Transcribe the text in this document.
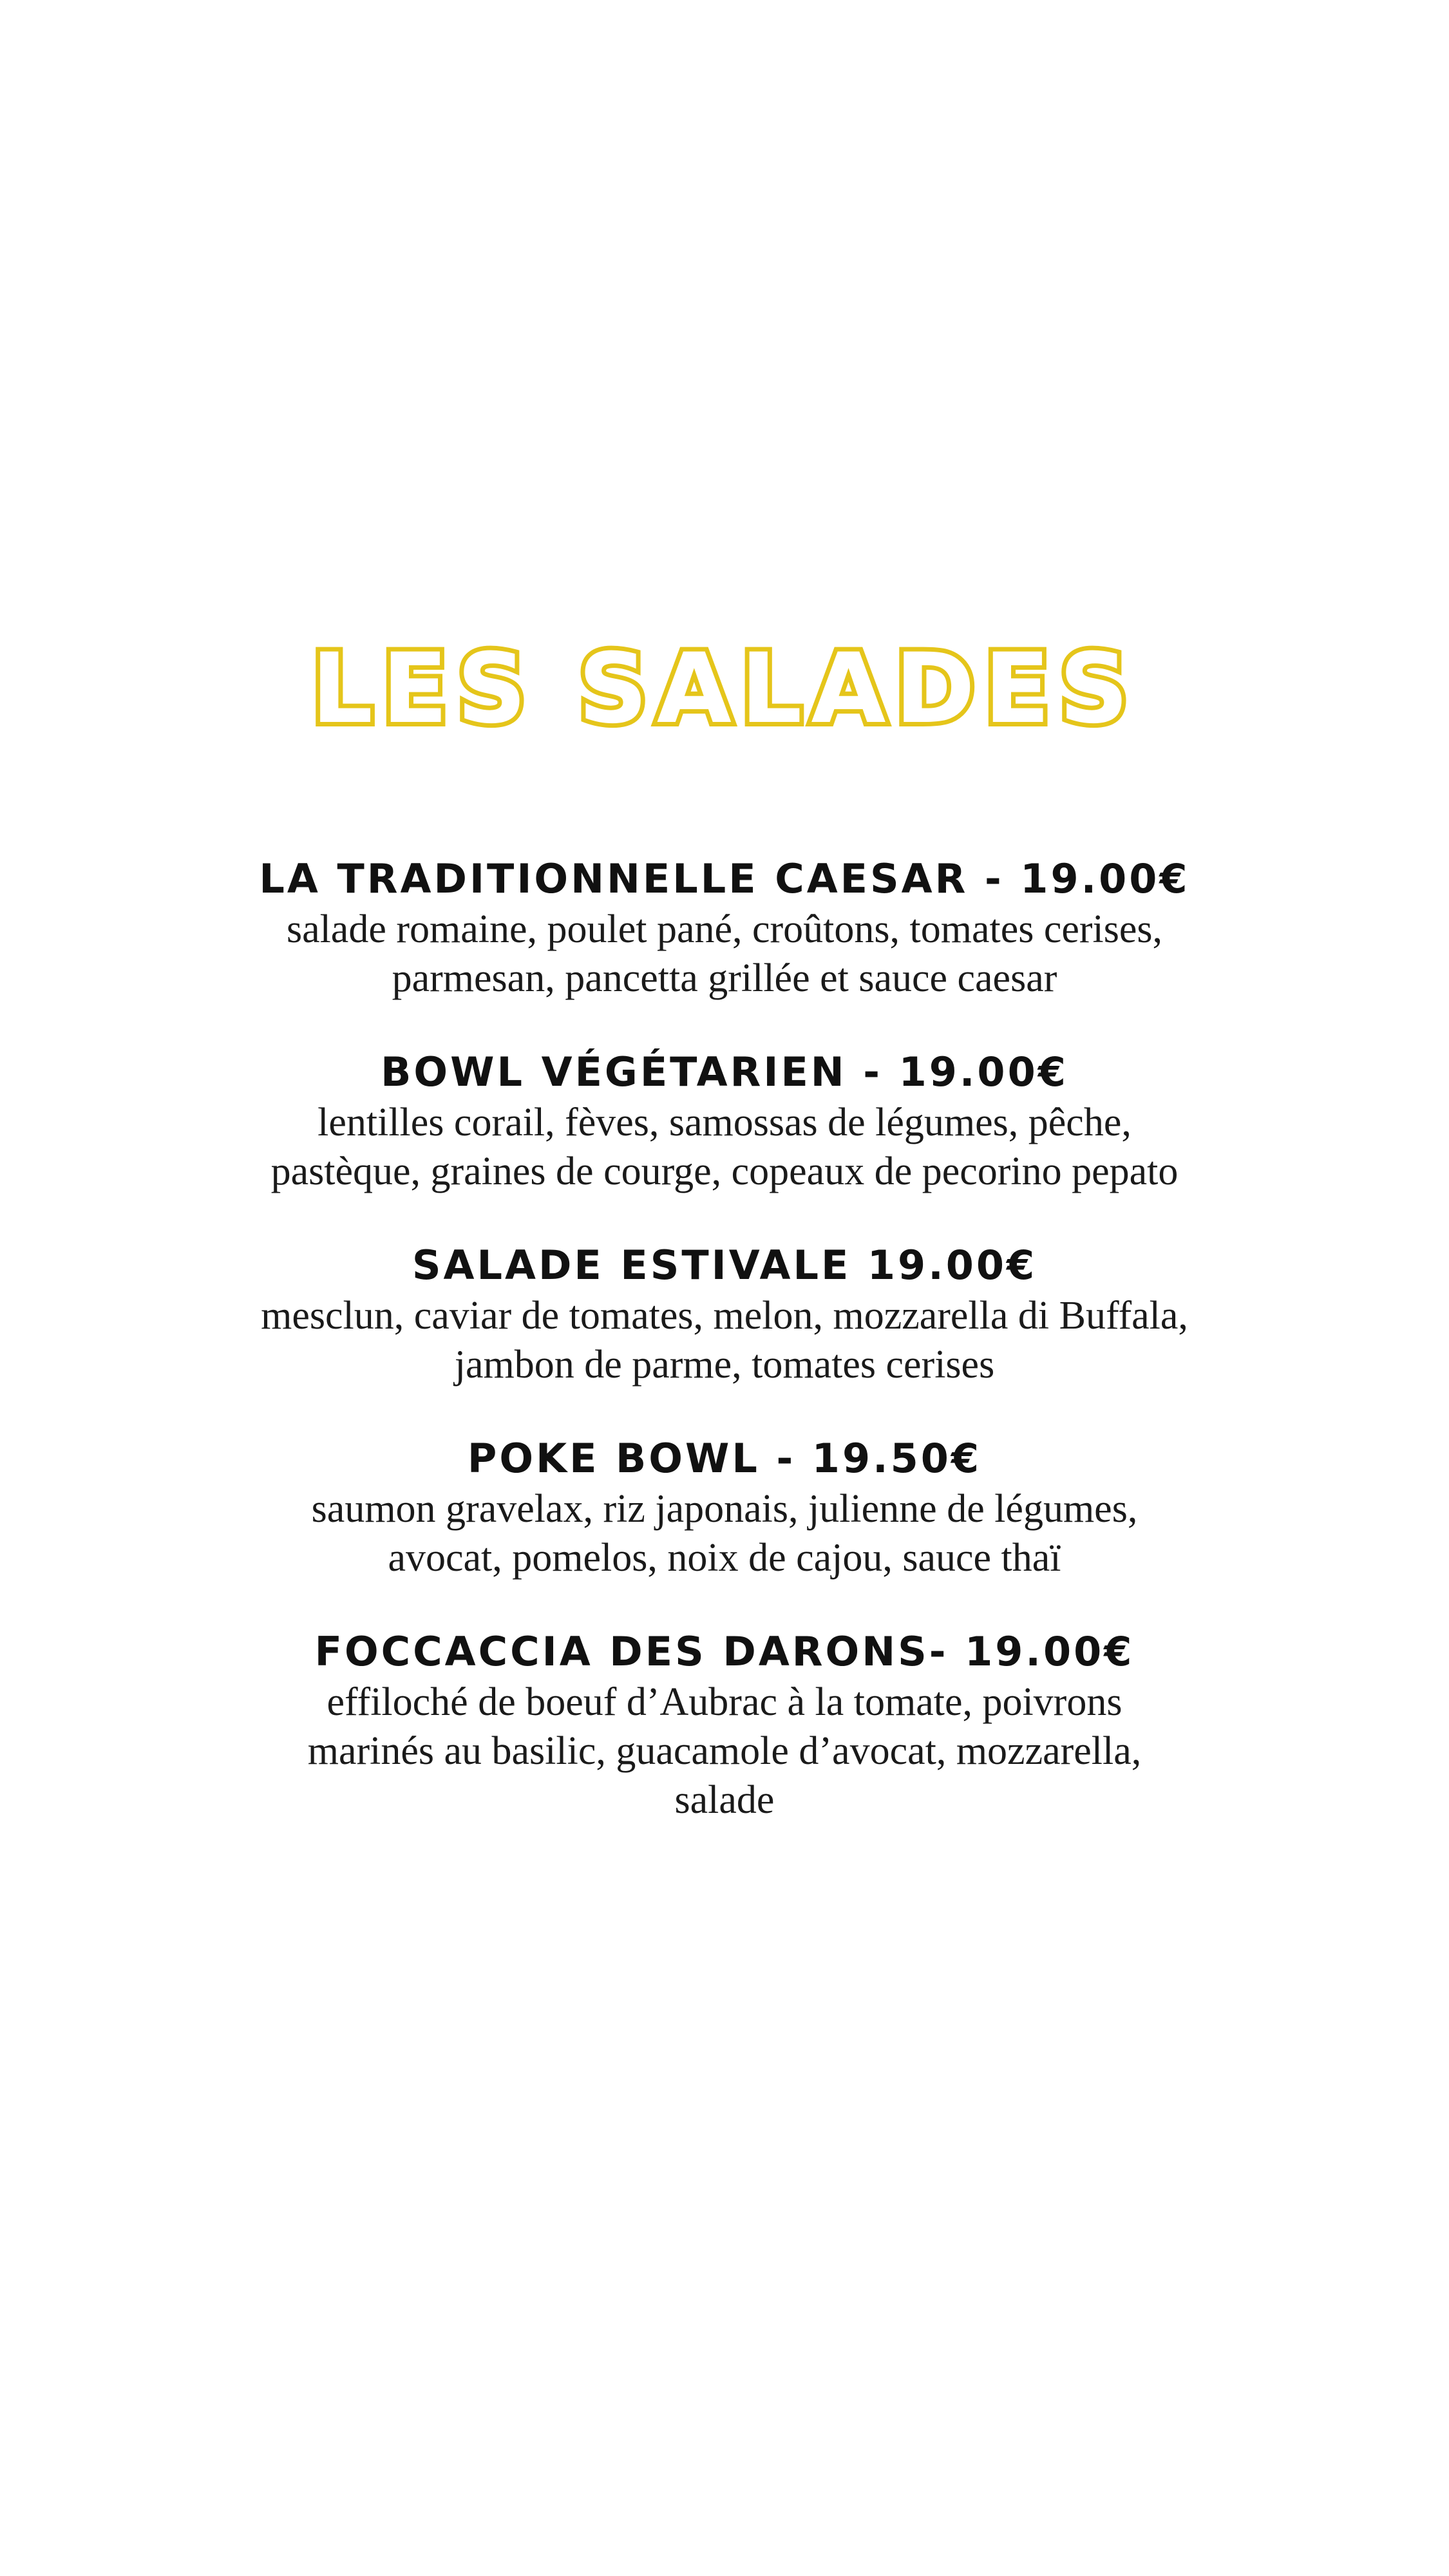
LES SALADES
LA TRADITIONNELLE CAESAR - 19.00€
salade romaine, poulet pané, croûtons, tomates cerises, parmesan, pancetta grillée et sauce caesar
BOWL VÉGÉTARIEN - 19.00€
lentilles corail, fèves, samossas de légumes, pêche, pastèque, graines de courge, copeaux de pecorino pepato
SALADE ESTIVALE 19.00€
mesclun, caviar de tomates, melon, mozzarella di Buffala, jambon de parme, tomates cerises
POKE BOWL - 19.50€
saumon gravelax, riz japonais, julienne de légumes, avocat, pomelos, noix de cajou, sauce thaï
FOCCACCIA DES DARONS- 19.00€
effiloché de boeuf d’Aubrac à la tomate, poivrons marinés au basilic, guacamole d’avocat, mozzarella, salade
